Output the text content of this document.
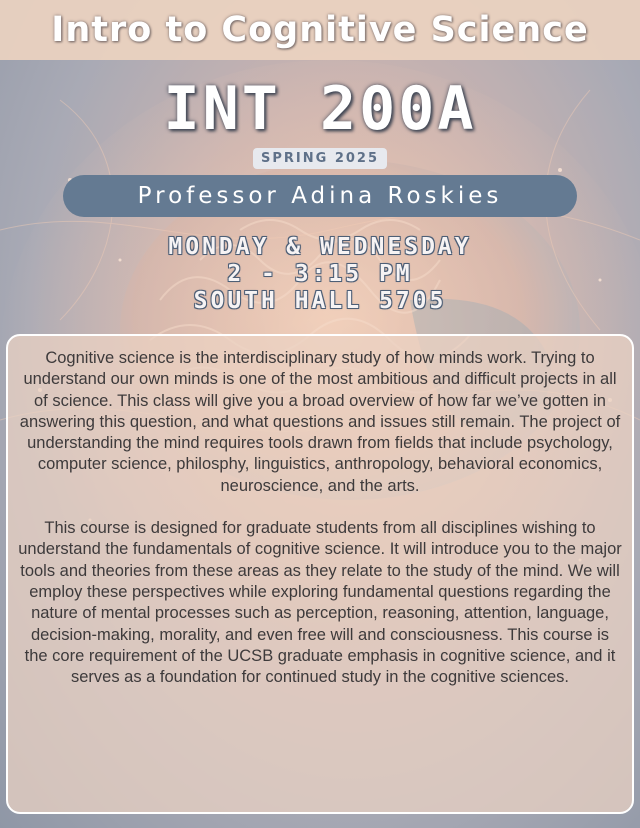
Intro to Cognitive Science
INT 200A
SPRING 2025
Professor Adina Roskies
MONDAY & WEDNESDAY
2 - 3:15 PM
SOUTH HALL 5705

Cognitive science is the interdisciplinary study of how minds work. Trying to understand our own minds is one of the most ambitious and difficult projects in all of science. This class will give you a broad overview of how far we’ve gotten in answering this question, and what questions and issues still remain. The project of understanding the mind requires tools drawn from fields that include psychology, computer science, philosphy, linguistics, anthropology, behavioral economics, neuroscience, and the arts.

This course is designed for graduate students from all disciplines wishing to understand the fundamentals of cognitive science. It will introduce you to the major tools and theories from these areas as they relate to the study of the mind. We will employ these perspectives while exploring fundamental questions regarding the nature of mental processes such as perception, reasoning, attention, language, decision-making, morality, and even free will and consciousness. This course is the core requirement of the UCSB graduate emphasis in cognitive science, and it serves as a foundation for continued study in the cognitive sciences.
